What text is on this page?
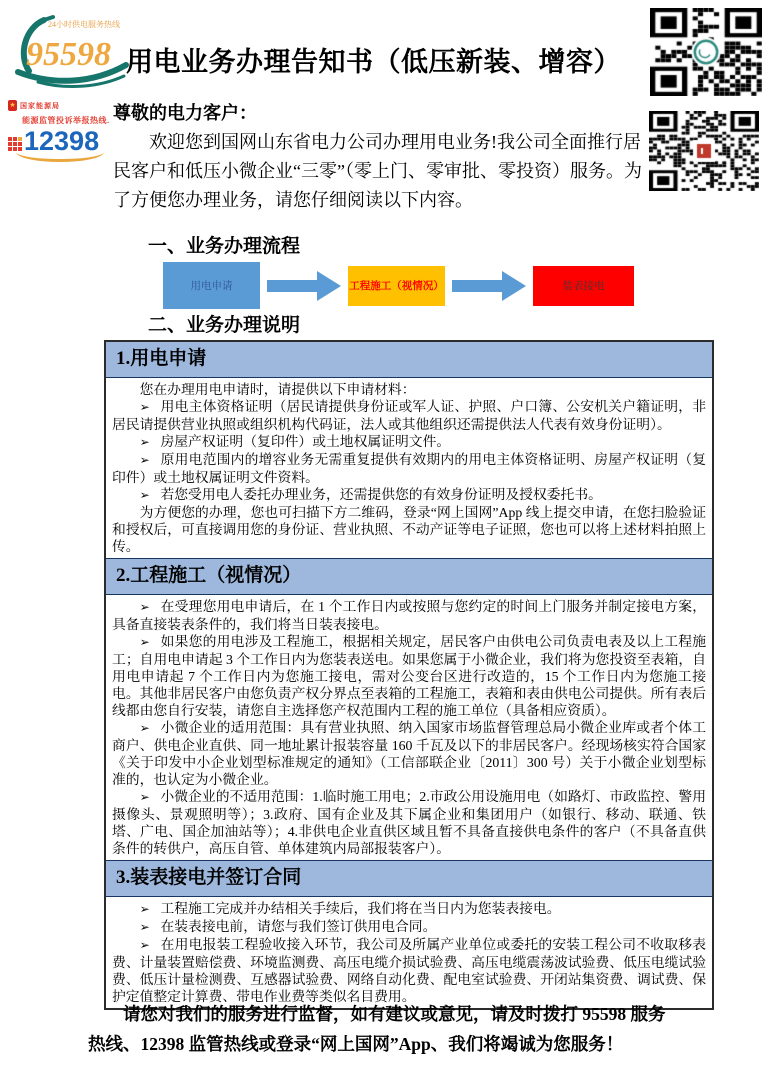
24小时供电服务热线
95598 用电业务办理告知书（低压新装、增容）
★ 国家能源局
能源监管投诉举报热线.
12398

尊敬的电力客户：

欢迎您到国网山东省电力公司办理用电业务!我公司全面推行居民客户和低压小微企业“三零”（零上门、零审批、零投资）服务。为了方便您办理业务，请您仔细阅读以下内容。

一、业务办理流程
用电申请	工程施工（视情况）	装表接电
二、业务办理说明
1.用电申请

您在办理用电申请时，请提供以下申请材料：

➢ 用电主体资格证明（居民请提供身份证或军人证、护照、户口簿、公安机关户籍证明，非居民请提供营业执照或组织机构代码证，法人或其他组织还需提供法人代表有效身份证明）。

➢ 房屋产权证明（复印件）或土地权属证明文件。

➢ 原用电范围内的增容业务无需重复提供有效期内的用电主体资格证明、房屋产权证明（复印件）或土地权属证明文件资料。

➢ 若您受用电人委托办理业务，还需提供您的有效身份证明及授权委托书。

为方便您的办理，您也可扫描下方二维码，登录“网上国网”App 线上提交申请，在您扫脸验证和授权后，可直接调用您的身份证、营业执照、不动产证等电子证照，您也可以将上述材料拍照上传。

2.工程施工（视情况）

➢ 在受理您用电申请后，在 1 个工作日内或按照与您约定的时间上门服务并制定接电方案，具备直接装表条件的，我们将当日装表接电。

➢ 如果您的用电涉及工程施工，根据相关规定，居民客户由供电公司负责电表及以上工程施工；自用电申请起 3 个工作日内为您装表送电。如果您属于小微企业，我们将为您投资至表箱，自用电申请起 7 个工作日内为您施工接电，需对公变台区进行改造的，15 个工作日内为您施工接电。其他非居民客户由您负责产权分界点至表箱的工程施工，表箱和表由供电公司提供。所有表后线都由您自行安装，请您自主选择您产权范围内工程的施工单位（具备相应资质）。

➢ 小微企业的适用范围：具有营业执照、纳入国家市场监督管理总局小微企业库或者个体工商户、供电企业直供、同一地址累计报装容量 160 千瓦及以下的非居民客户。经现场核实符合国家《关于印发中小企业划型标准规定的通知》（工信部联企业〔2011〕300 号）关于小微企业划型标准的，也认定为小微企业。

➢ 小微企业的不适用范围：1.临时施工用电；2.市政公用设施用电（如路灯、市政监控、警用摄像头、景观照明等）；3.政府、国有企业及其下属企业和集团用户（如银行、移动、联通、铁塔、广电、国企加油站等）；4.非供电企业直供区域且暂不具备直接供电条件的客户（不具备直供条件的转供户，高压自管、单体建筑内局部报装客户）。

3.装表接电并签订合同

➢ 工程施工完成并办结相关手续后，我们将在当日内为您装表接电。

➢ 在装表接电前，请您与我们签订供用电合同。

➢ 在用电报装工程验收接入环节，我公司及所属产业单位或委托的安装工程公司不收取移表费、计量装置赔偿费、环境监测费、高压电缆介损试验费、高压电缆震荡波试验费、低压电缆试验费、低压计量检测费、互感器试验费、网络自动化费、配电室试验费、开闭站集资费、调试费、保护定值整定计算费、带电作业费等类似名目费用。

请您对我们的服务进行监督，如有建议或意见，请及时拨打 95598 服务热线、12398 监管热线或登录“网上国网”App、我们将竭诚为您服务！
